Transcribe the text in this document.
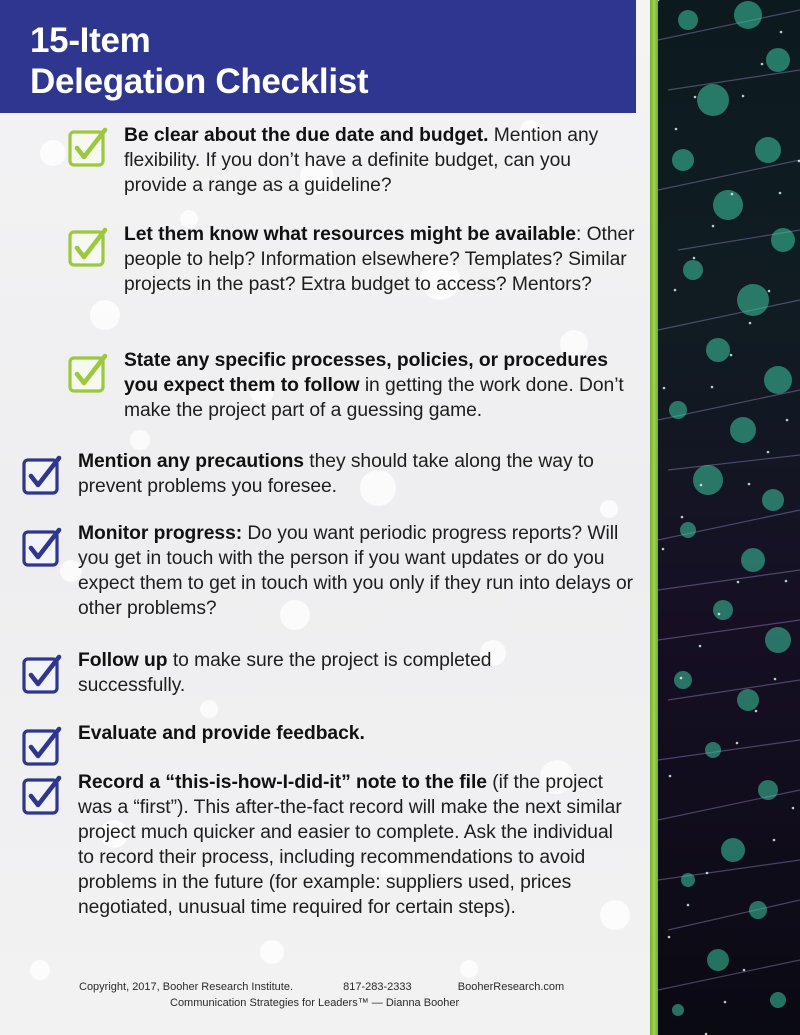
15-Item
Delegation Checklist
Be clear about the due date and budget. Mention any flexibility. If you don’t have a definite budget, can you provide a range as a guideline?
Let them know what resources might be available: Other people to help? Information elsewhere? Templates? Similar projects in the past? Extra budget to access? Mentors?
State any specific processes, policies, or procedures you expect them to follow in getting the work done. Don’t make the project part of a guessing game.
Mention any precautions they should take along the way to prevent problems you foresee.
Monitor progress: Do you want periodic progress reports? Will you get in touch with the person if you want updates or do you expect them to get in touch with you only if they run into delays or other problems?
Follow up to make sure the project is completed successfully.
Evaluate and provide feedback.
Record a “this-is-how-I-did-it” note to the file (if the project was a “first”). This after-the-fact record will make the next similar project much quicker and easier to complete. Ask the individual to record their process, including recommendations to avoid problems in the future (for example: suppliers used, prices negotiated, unusual time required for certain steps).
Copyright, 2017, Booher Research Institute.	817-283-2333	BooherResearch.com
Communication Strategies for Leaders™ — Dianna Booher
